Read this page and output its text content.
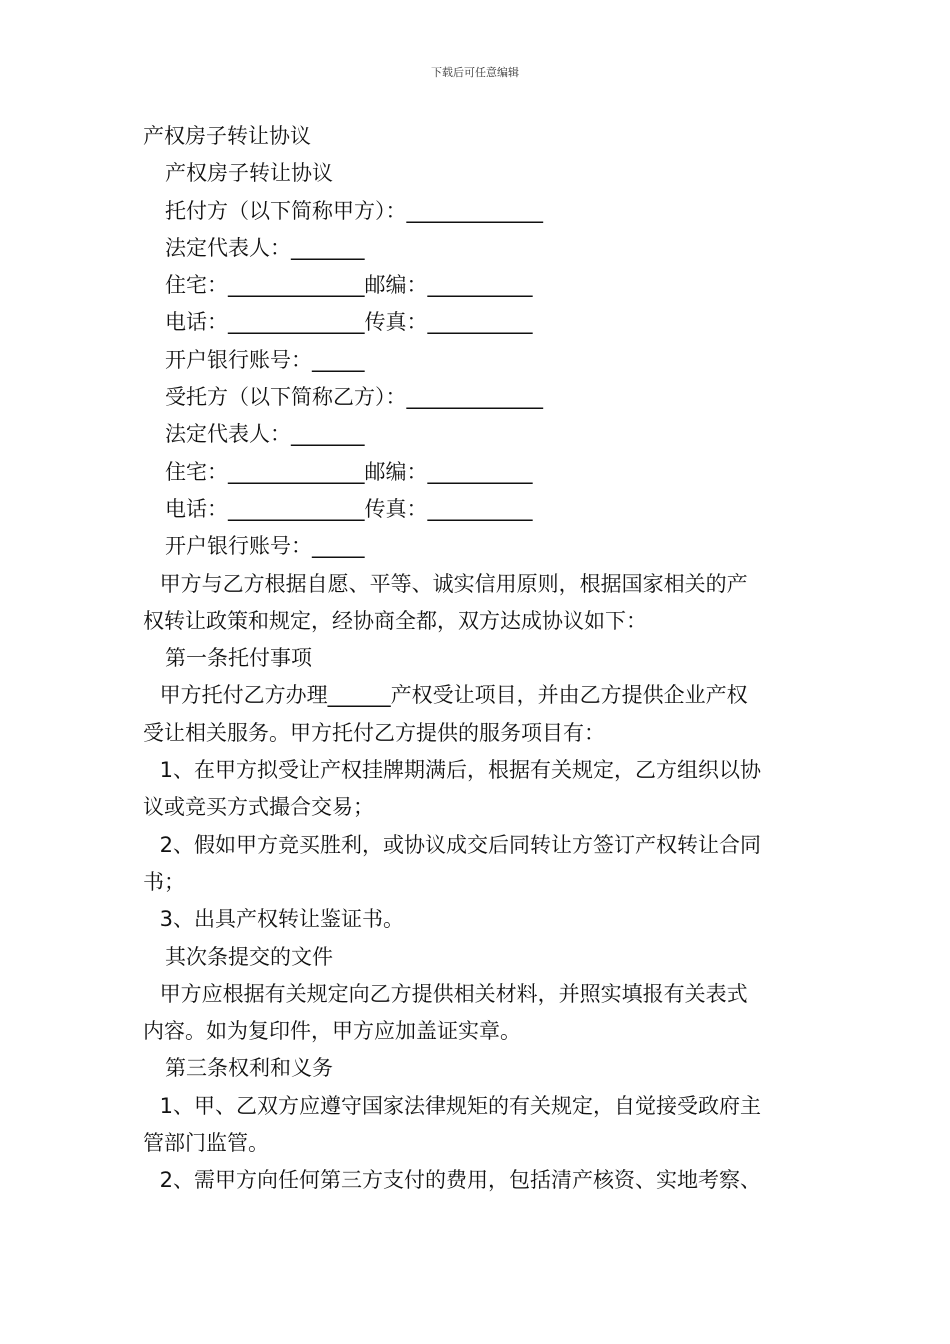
下载后可任意编辑
产权房子转让协议
产权房子转让协议
托付方（以下简称甲方）：_____________
法定代表人：_______
住宅：_____________邮编：__________
电话：_____________传真：__________
开户银行账号：_____
受托方（以下简称乙方）：_____________
法定代表人：_______
住宅：_____________邮编：__________
电话：_____________传真：__________
开户银行账号：_____
甲方与乙方根据自愿、平等、诚实信用原则，根据国家相关的产
权转让政策和规定，经协商全都，双方达成协议如下：
第一条托付事项
甲方托付乙方办理______产权受让项目，并由乙方提供企业产权
受让相关服务。甲方托付乙方提供的服务项目有：
1、在甲方拟受让产权挂牌期满后，根据有关规定，乙方组织以协
议或竞买方式撮合交易；
2、假如甲方竞买胜利，或协议成交后同转让方签订产权转让合同
书；
3、出具产权转让鉴证书。
其次条提交的文件
甲方应根据有关规定向乙方提供相关材料，并照实填报有关表式
内容。如为复印件，甲方应加盖证实章。
第三条权利和义务
1、甲、乙双方应遵守国家法律规矩的有关规定，自觉接受政府主
管部门监管。
2、需甲方向任何第三方支付的费用，包括清产核资、实地考察、
